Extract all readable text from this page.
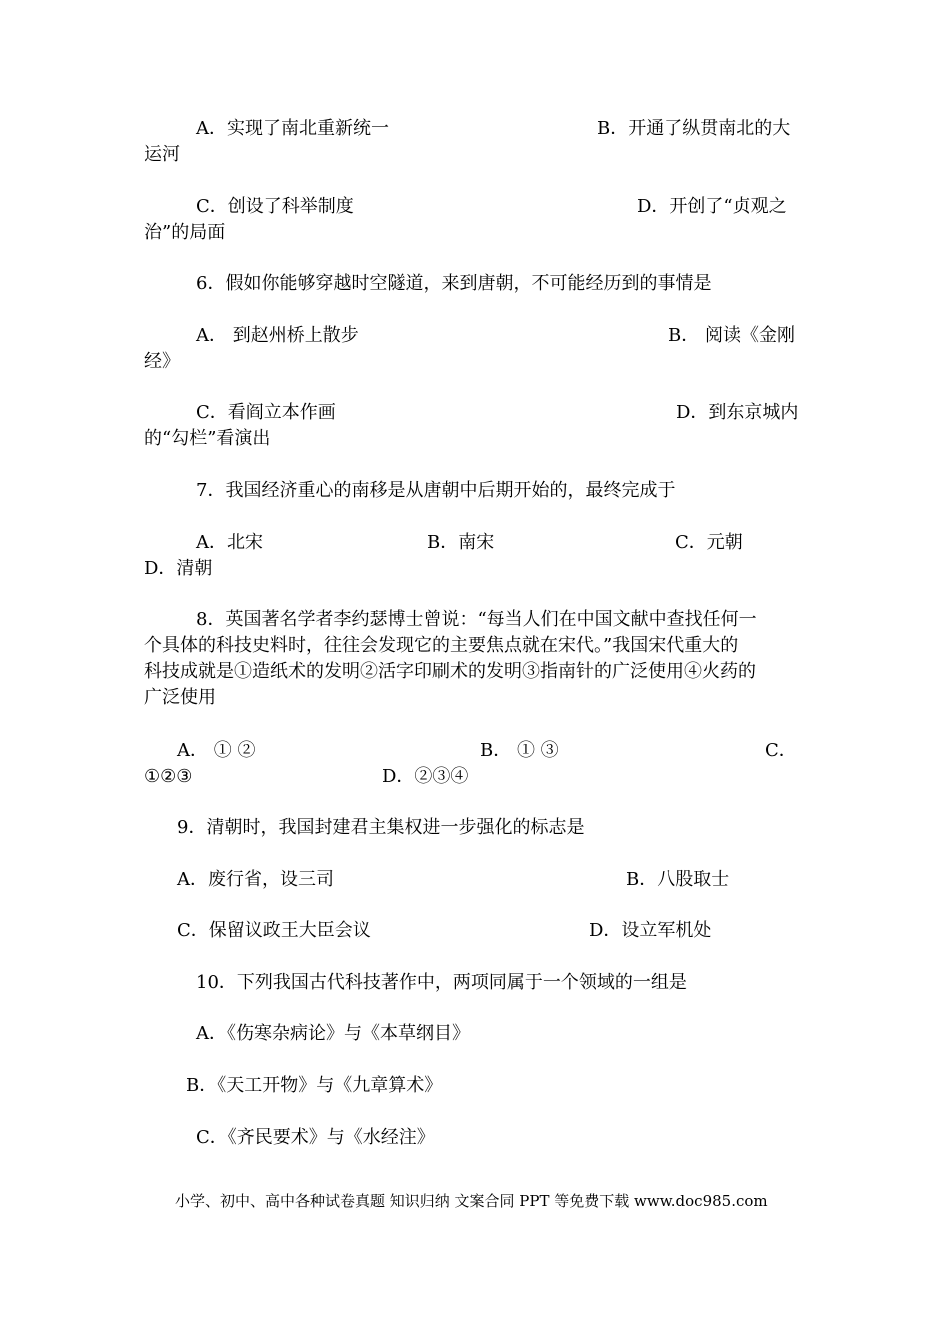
A．实现了南北重新统一	B．开通了纵贯南北的大
运河
C．创设了科举制度	D．开创了“贞观之
治”的局面
6．假如你能够穿越时空隧道，来到唐朝，不可能经历到的事情是
A． 到赵州桥上散步	B． 阅读《金刚
经》
C．看阎立本作画	D．到东京城内
的“勾栏”看演出
7．我国经济重心的南移是从唐朝中后期开始的，最终完成于
A．北宋	B．南宋	C．元朝
D．清朝
8．英国著名学者李约瑟博士曾说：“每当人们在中国文献中查找任何一
个具体的科技史料时，往往会发现它的主要焦点就在宋代。”我国宋代重大的
科技成就是①造纸术的发明②活字印刷术的发明③指南针的广泛使用④火药的
广泛使用
A． ① ②	B． ① ③	C．
①②③	D．②③④
9．清朝时，我国封建君主集权进一步强化的标志是
A．废行省，设三司	B．八股取士
C．保留议政王大臣会议	D．设立军机处
10．下列我国古代科技著作中，两项同属于一个领域的一组是
A．《伤寒杂病论》与《本草纲目》
B．《天工开物》与《九章算术》
C．《齐民要术》与《水经注》
小学、初中、高中各种试卷真题 知识归纳 文案合同 PPT 等免费下载 www.doc985.com
